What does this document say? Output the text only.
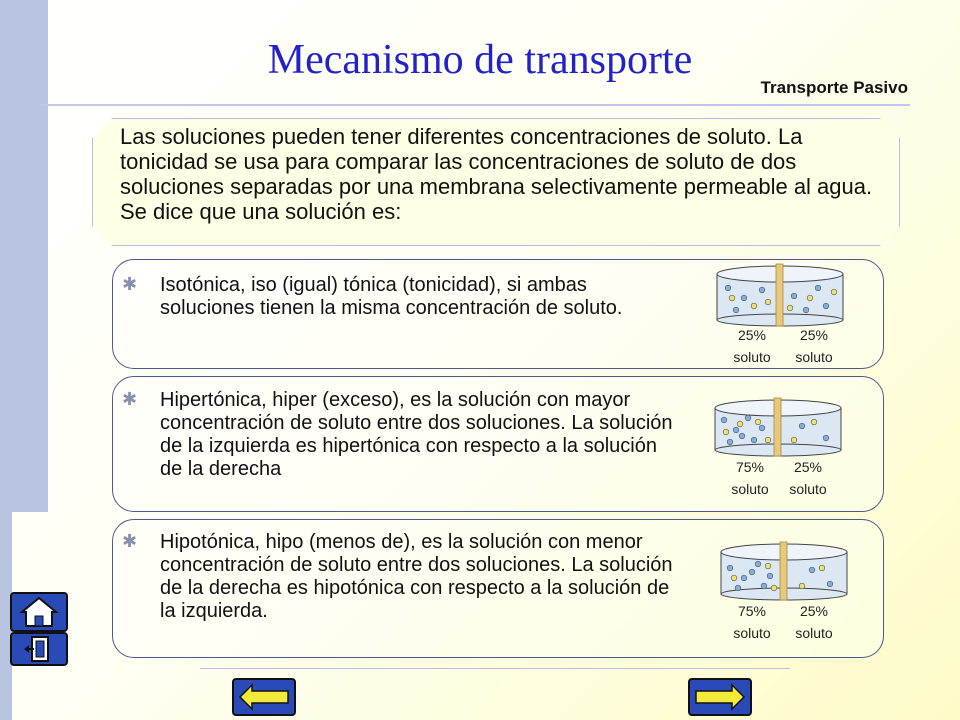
Mecanismo de transporte
Transporte Pasivo
Las soluciones pueden tener diferentes concentraciones de soluto. La tonicidad se usa para comparar las concentraciones de soluto de dos soluciones separadas por una membrana selectivamente permeable al agua. Se dice que una solución es:
✱ Isotónica, iso (igual) tónica (tonicidad), si ambas soluciones tienen la misma concentración de soluto.
25% soluto
25% soluto
✱ Hipertónica, hiper (exceso), es la solución con mayor concentración de soluto entre dos soluciones. La solución de la izquierda es hipertónica con respecto a la solución de la derecha	75% soluto
25% soluto
✱ Hipotónica, hipo (menos de), es la solución con menor concentración de soluto entre dos soluciones. La solución de la derecha es hipotónica con respecto a la solución de la izquierda.	75% soluto
25% soluto
